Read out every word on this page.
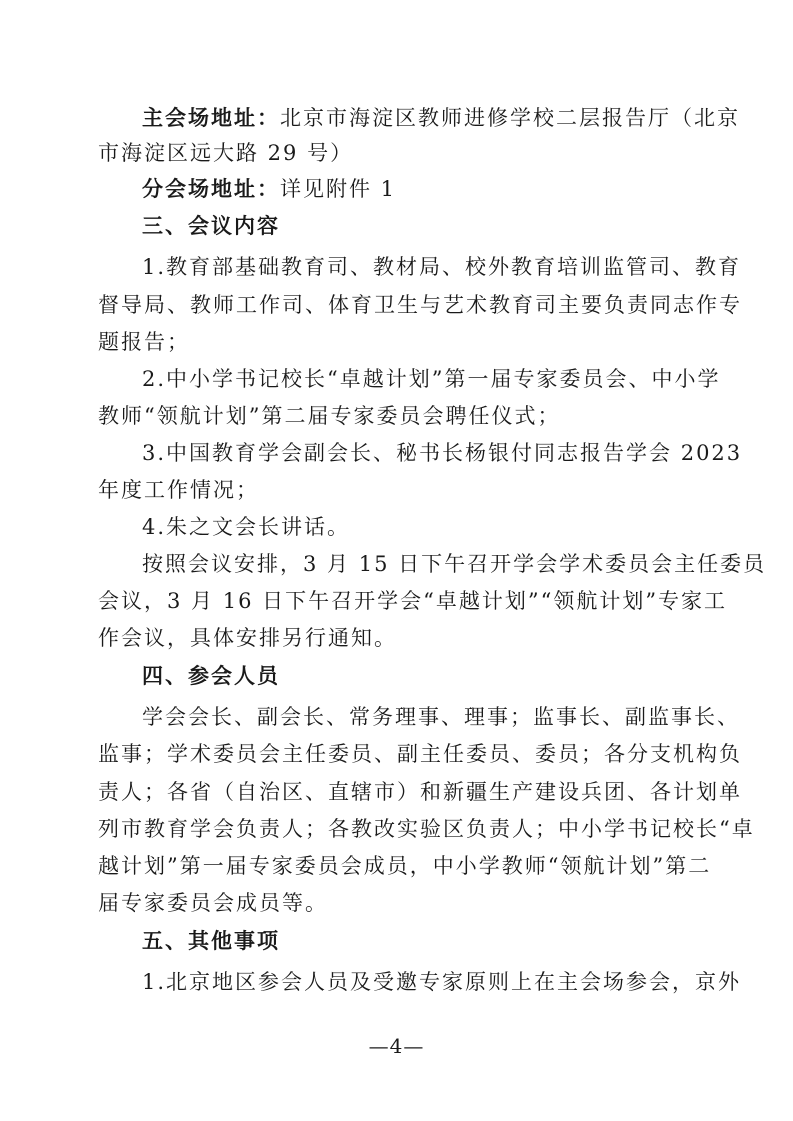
主会场地址：北京市海淀区教师进修学校二层报告厅（北京
市海淀区远大路 29 号）
分会场地址：详见附件 1
三、会议内容
1.教育部基础教育司、教材局、校外教育培训监管司、教育
督导局、教师工作司、体育卫生与艺术教育司主要负责同志作专
题报告；
2.中小学书记校长“卓越计划”第一届专家委员会、中小学
教师“领航计划”第二届专家委员会聘任仪式；
3.中国教育学会副会长、秘书长杨银付同志报告学会 2023
年度工作情况；
4.朱之文会长讲话。
按照会议安排，3 月 15 日下午召开学会学术委员会主任委员
会议，3 月 16 日下午召开学会“卓越计划”“领航计划”专家工
作会议，具体安排另行通知。
四、参会人员
学会会长、副会长、常务理事、理事；监事长、副监事长、
监事；学术委员会主任委员、副主任委员、委员；各分支机构负
责人；各省（自治区、直辖市）和新疆生产建设兵团、各计划单
列市教育学会负责人；各教改实验区负责人；中小学书记校长“卓
越计划”第一届专家委员会成员，中小学教师“领航计划”第二
届专家委员会成员等。
五、其他事项
1.北京地区参会人员及受邀专家原则上在主会场参会，京外
—4—
